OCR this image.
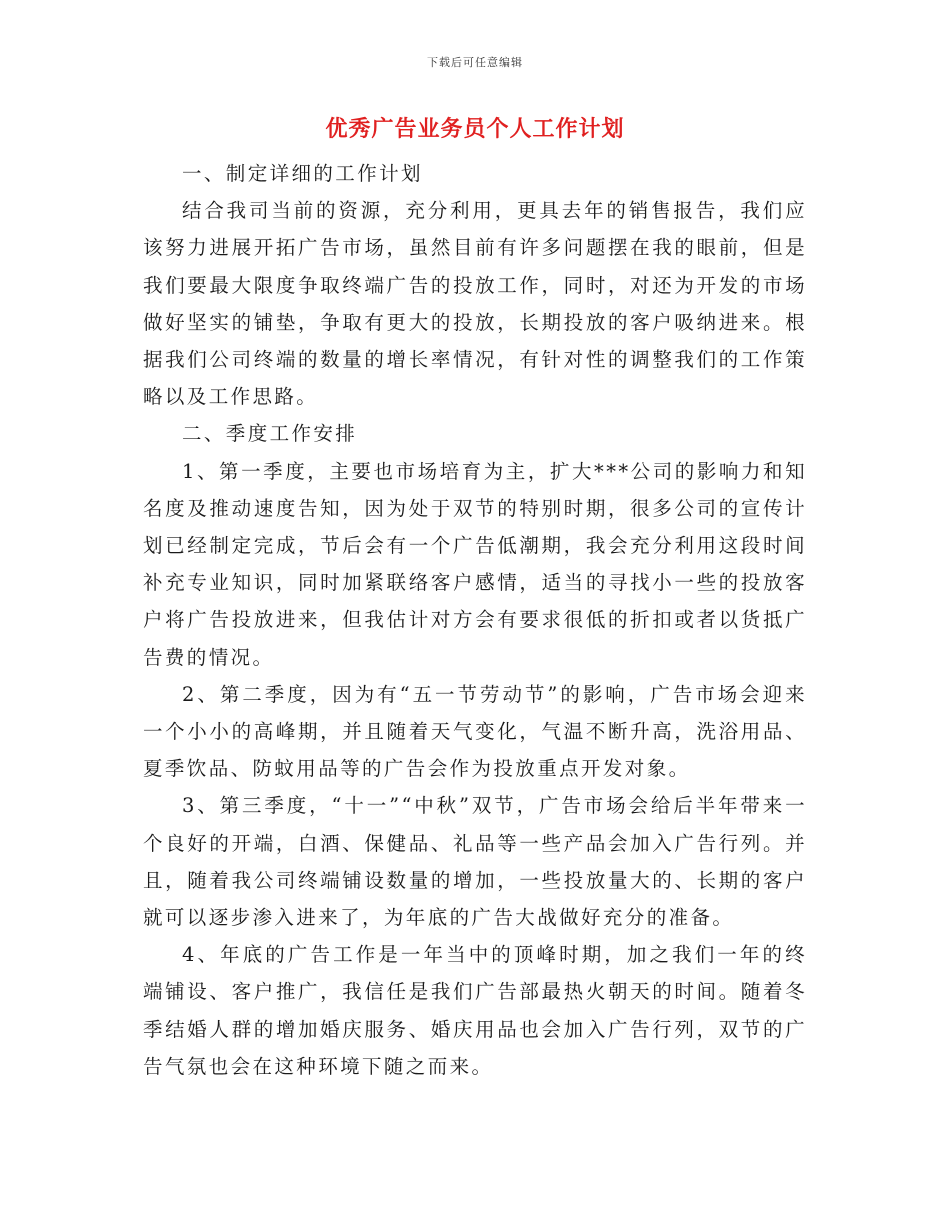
下载后可任意编辑
优秀广告业务员个人工作计划

一、制定详细的工作计划

结合我司当前的资源，充分利用，更具去年的销售报告，我们应该努力进展开拓广告市场，虽然目前有许多问题摆在我的眼前，但是我们要最大限度争取终端广告的投放工作，同时，对还为开发的市场做好坚实的铺垫，争取有更大的投放，长期投放的客户吸纳进来。根据我们公司终端的数量的增长率情况，有针对性的调整我们的工作策略以及工作思路。

二、季度工作安排

1、第一季度，主要也市场培育为主，扩大***公司的影响力和知名度及推动速度告知，因为处于双节的特别时期，很多公司的宣传计划已经制定完成，节后会有一个广告低潮期，我会充分利用这段时间补充专业知识，同时加紧联络客户感情，适当的寻找小一些的投放客户将广告投放进来，但我估计对方会有要求很低的折扣或者以货抵广告费的情况。

2、第二季度，因为有“五一节劳动节”的影响，广告市场会迎来一个小小的高峰期，并且随着天气变化，气温不断升高，洗浴用品、夏季饮品、防蚊用品等的广告会作为投放重点开发对象。

3、第三季度，“十一”“中秋”双节，广告市场会给后半年带来一个良好的开端，白酒、保健品、礼品等一些产品会加入广告行列。并且，随着我公司终端铺设数量的增加，一些投放量大的、长期的客户就可以逐步渗入进来了，为年底的广告大战做好充分的准备。

4、年底的广告工作是一年当中的顶峰时期，加之我们一年的终端铺设、客户推广，我信任是我们广告部最热火朝天的时间。随着冬季结婚人群的增加婚庆服务、婚庆用品也会加入广告行列，双节的广告气氛也会在这种环境下随之而来。
